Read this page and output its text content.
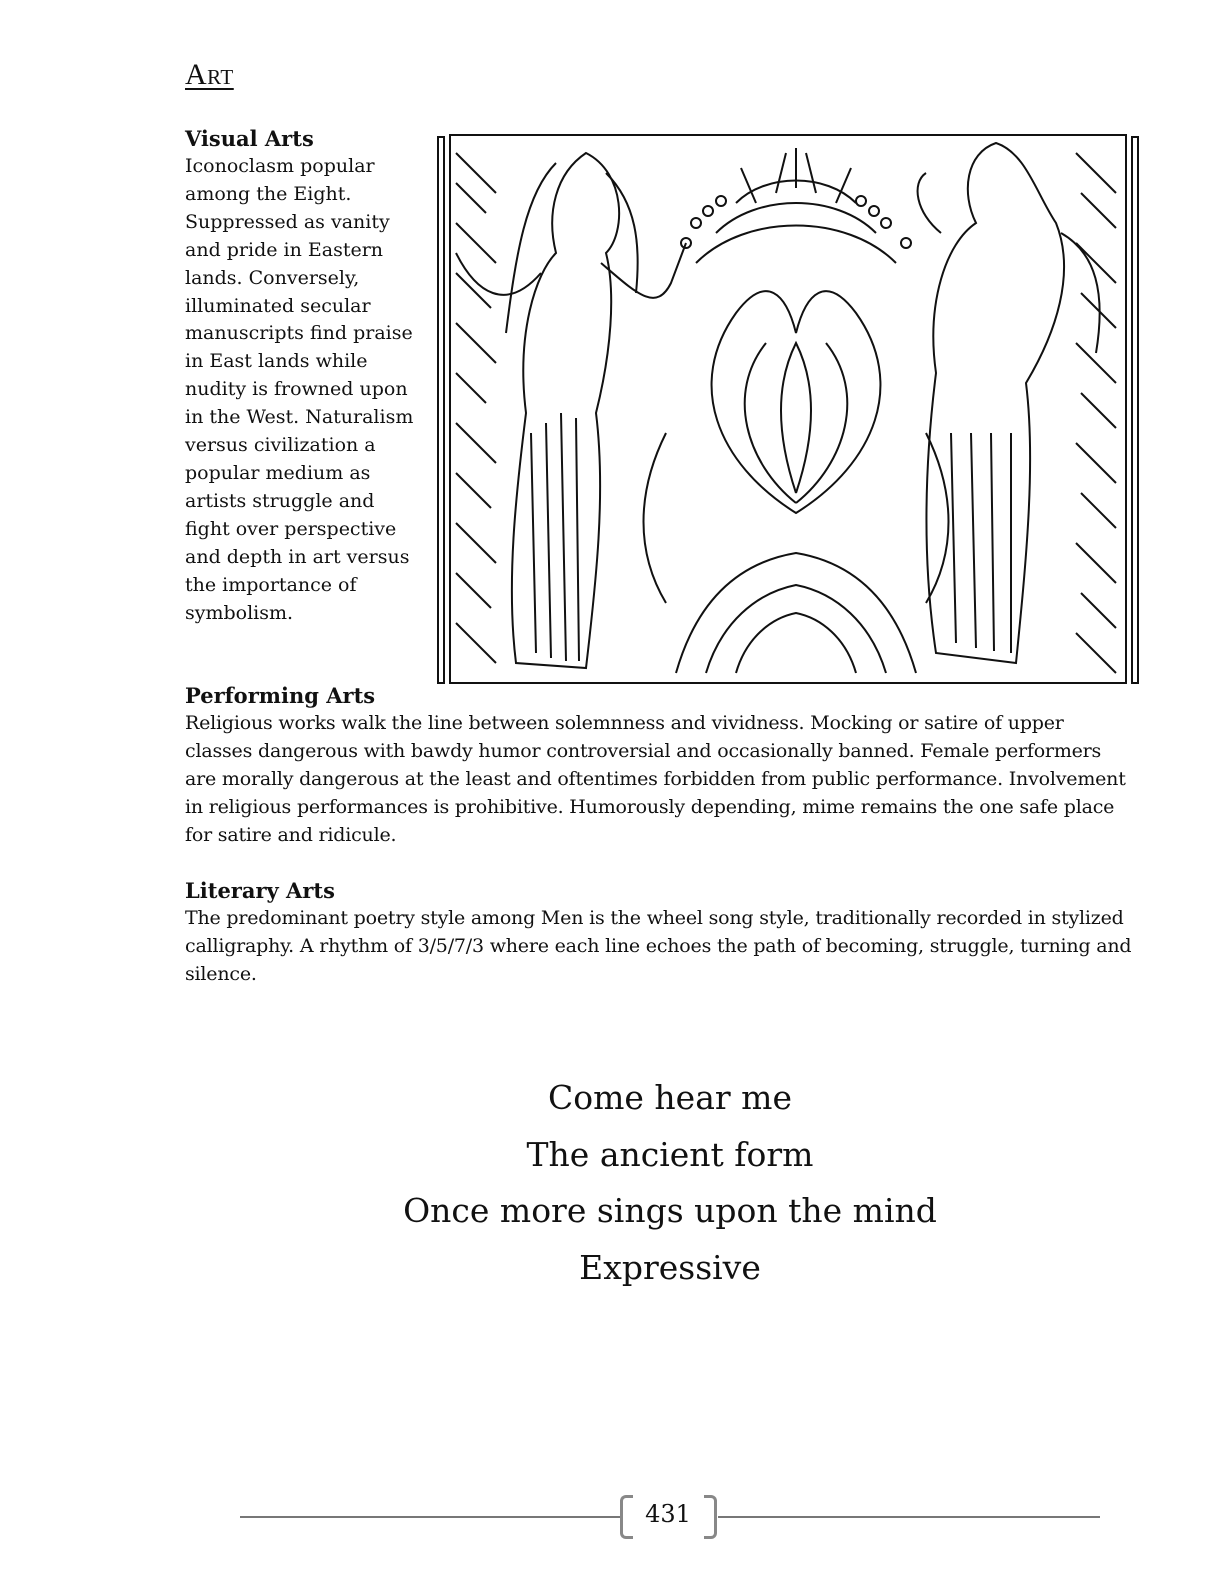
Art
Visual Arts

Iconoclasm popular among the Eight. Suppressed as vanity and pride in Eastern lands. Conversely, illuminated secular manuscripts find praise in East lands while nudity is frowned upon in the West. Naturalism versus civilization a popular medium as artists struggle and fight over perspective and depth in art versus the importance of symbolism.

Performing Arts

Religious works walk the line between solemnness and vividness. Mocking or satire of upper classes dangerous with bawdy humor controversial and occasionally banned. Female performers are morally dangerous at the least and oftentimes forbidden from public performance. Involvement in religious performances is prohibitive. Humorously depending, mime remains the one safe place for satire and ridicule.

Literary Arts

The predominant poetry style among Men is the wheel song style, traditionally recorded in stylized calligraphy. A rhythm of 3/5/7/3 where each line echoes the path of becoming, struggle, turning and silence.

Come hear me
The ancient form
Once more sings upon the mind
Expressive
431
